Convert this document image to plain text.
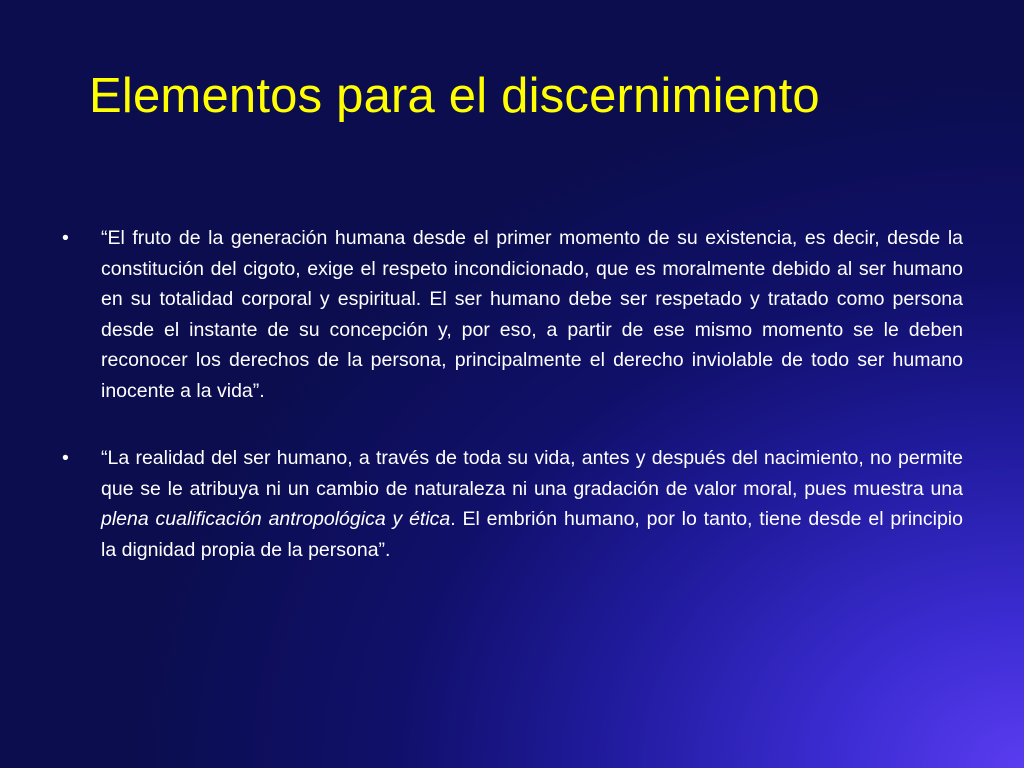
Elementos para el discernimiento
• “El fruto de la generación humana desde el primer momento de su existencia, es decir, desde la constitución del cigoto, exige el respeto incondicionado, que es moralmente debido al ser humano en su totalidad corporal y espiritual. El ser humano debe ser respetado y tratado como persona desde el instante de su concepción y, por eso, a partir de ese mismo momento se le deben reconocer los derechos de la persona, principalmente el derecho inviolable de todo ser humano inocente a la vida”.
• “La realidad del ser humano, a través de toda su vida, antes y después del nacimiento, no permite que se le atribuya ni un cambio de naturaleza ni una gradación de valor moral, pues muestra una plena cualificación antropológica y ética. El embrión humano, por lo tanto, tiene desde el principio la dignidad propia de la persona”.
